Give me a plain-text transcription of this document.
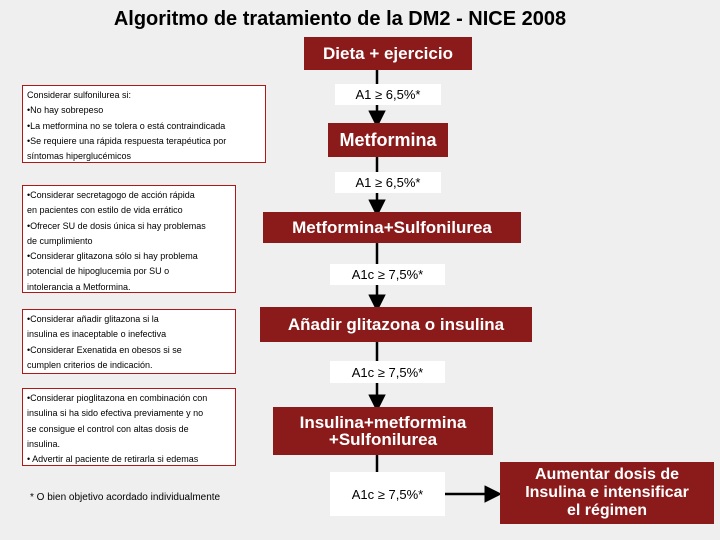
Algoritmo de tratamiento de la DM2 - NICE 2008
Dieta + ejercicio
A1 ≥ 6,5%*
Metformina
A1 ≥ 6,5%*
Metformina+Sulfonilurea
A1c ≥ 7,5%*
Añadir glitazona o insulina
A1c ≥ 7,5%*
Insulina+metformina
+Sulfonilurea
A1c ≥ 7,5%*
Aumentar dosis de
Insulina e intensificar
el régimen
Considerar sulfonilurea si:
•No hay sobrepeso
•La metformina no se tolera o está contraindicada
•Se requiere una rápida respuesta terapéutica por
síntomas hiperglucémicos
•Considerar secretagogo de acción rápida
en pacientes con estilo de vida errático
•Ofrecer SU de dosis única si hay problemas
de cumplimiento
•Considerar glitazona sólo si hay problema
potencial de hipoglucemia por SU o
intolerancia a Metformina.
•Considerar añadir glitazona si la
insulina es inaceptable o inefectiva
•Considerar Exenatida en obesos si se
cumplen criterios de indicación.
•Considerar pioglitazona en combinación con
insulina si ha sido efectiva previamente y no
se consigue el control con altas dosis de
insulina.
• Advertir al paciente de retirarla si edemas
* O bien objetivo acordado individualmente
